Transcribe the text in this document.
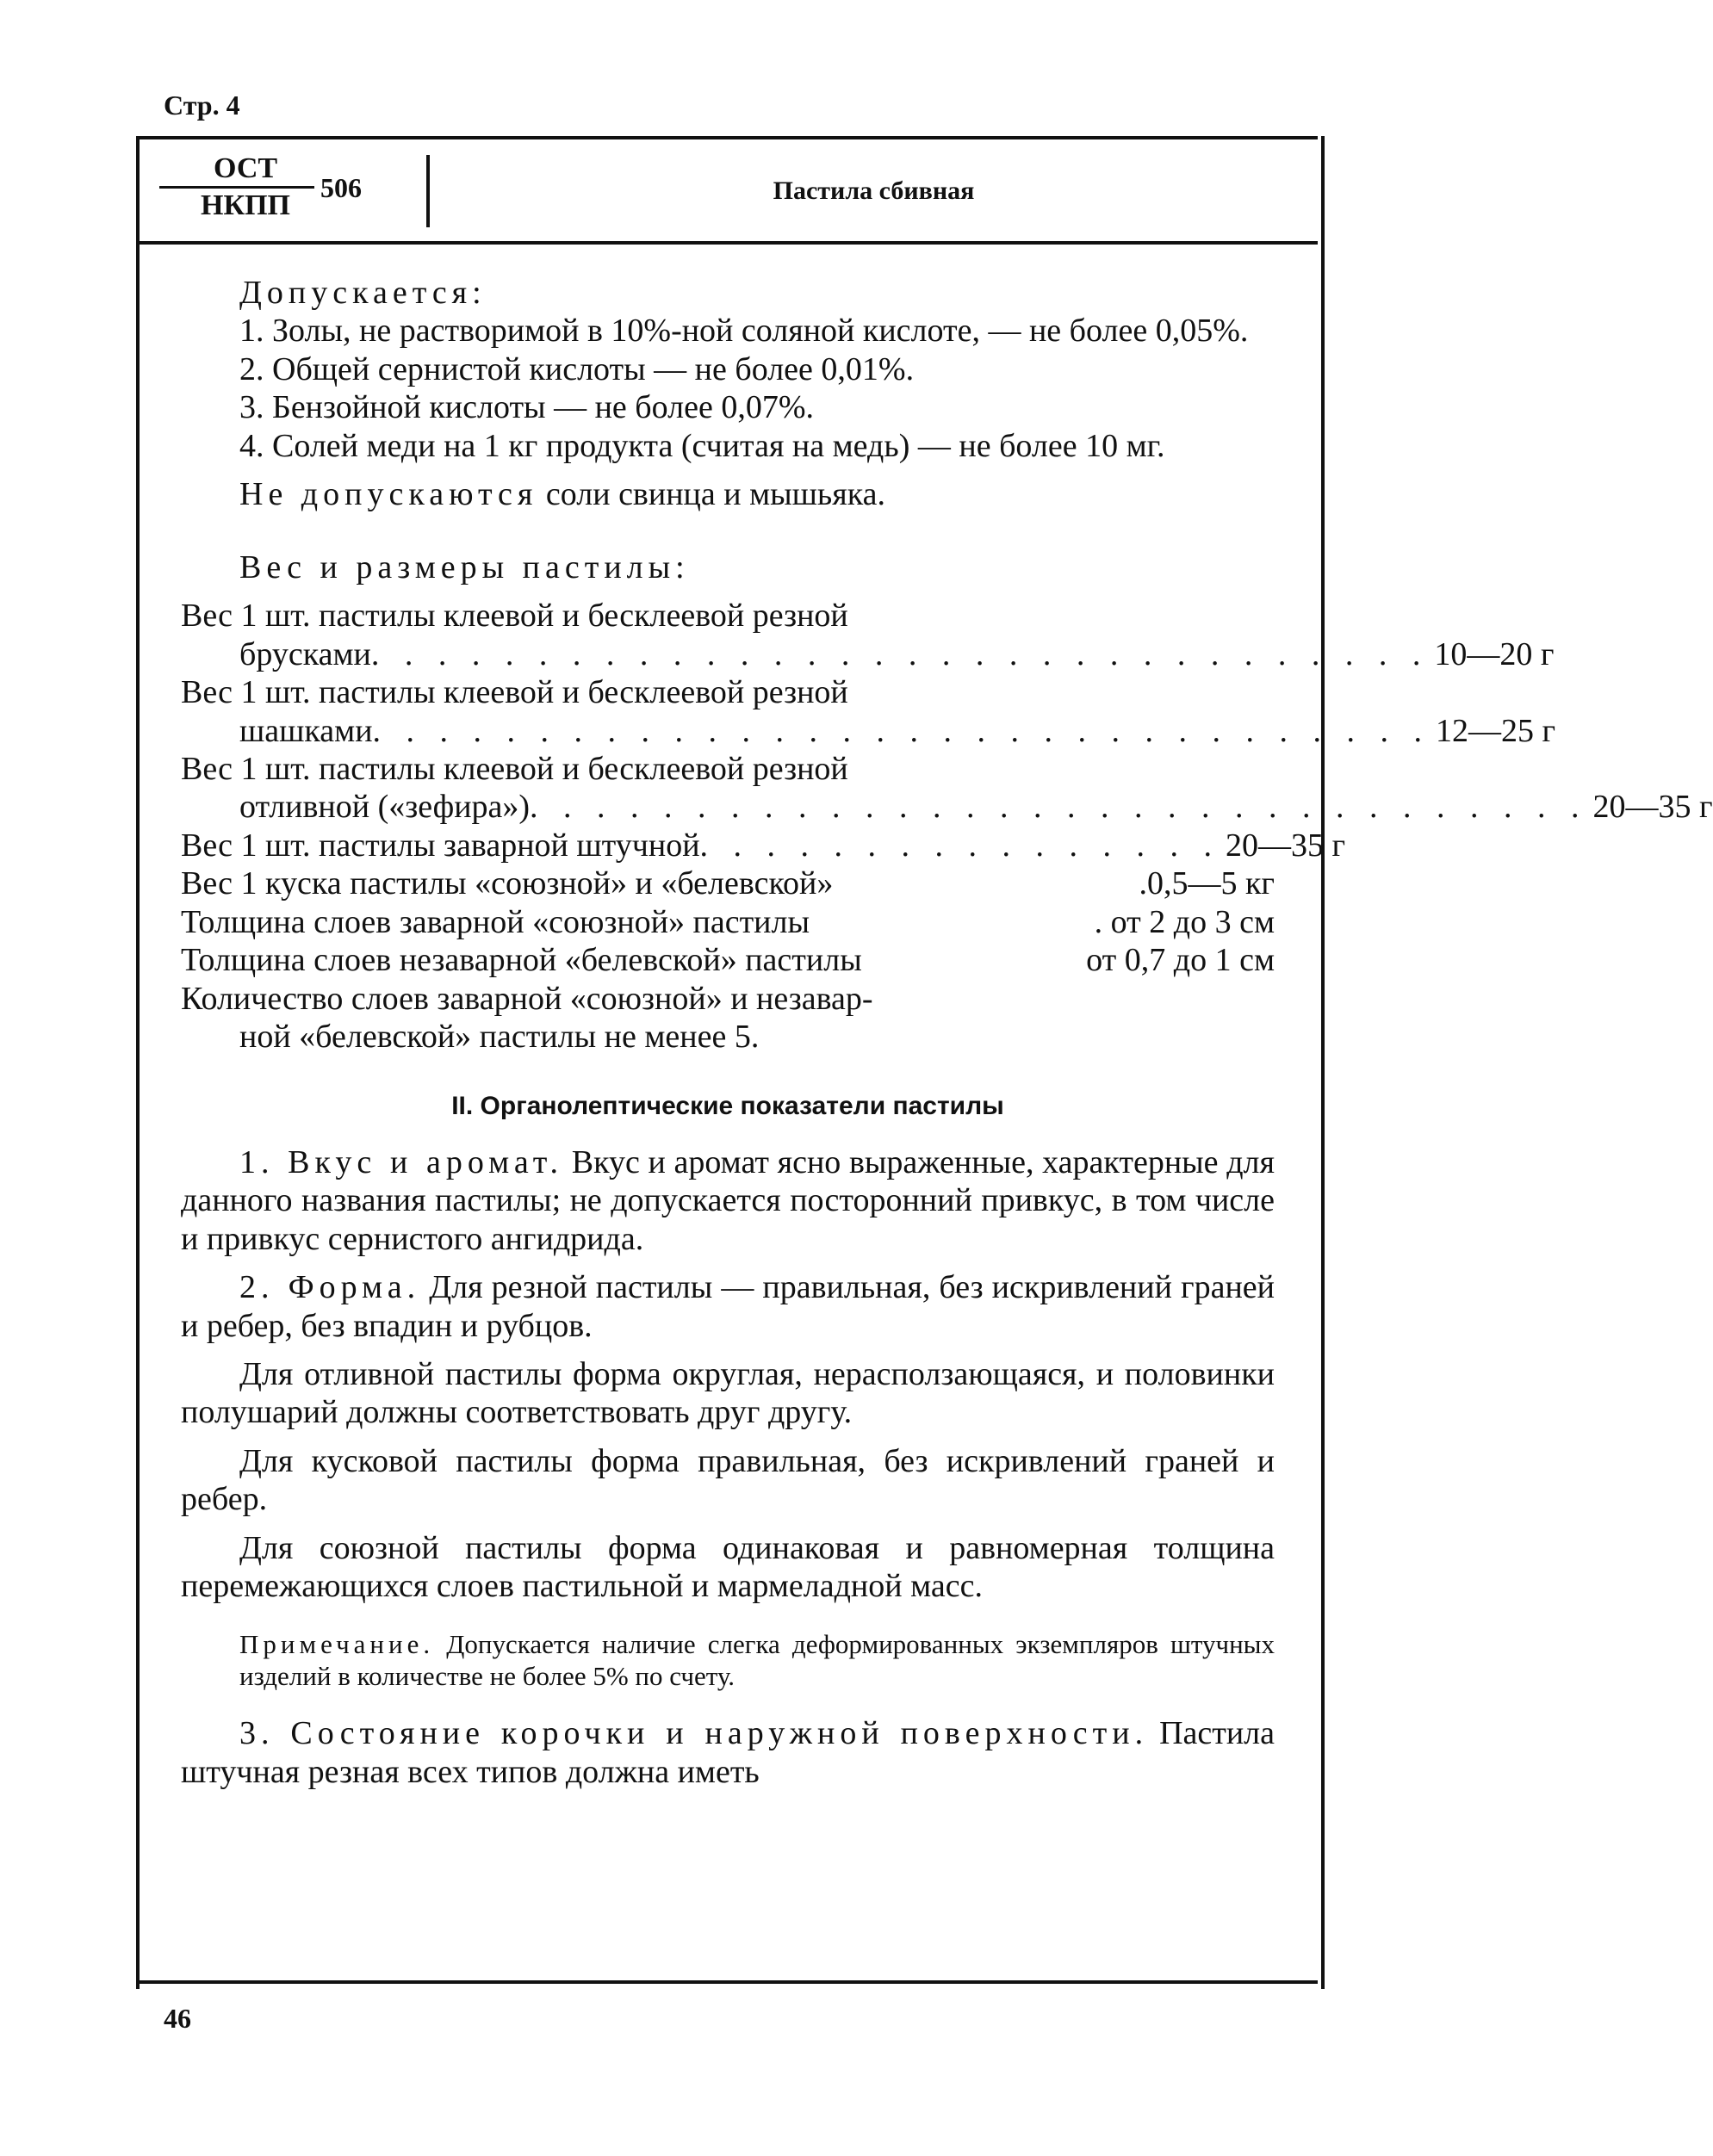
Стр. 4
ОСТ
НКПП
506	Пастила сбивная

Допускается:

1. Золы, не растворимой в 10%-ной соляной кислоте, — не более 0,05%.

2. Общей сернистой кислоты — не более 0,01%.

3. Бензойной кислоты — не более 0,07%.

4. Солей меди на 1 кг продукта (считая на медь) — не более 10 мг.

Не допускаются соли свинца и мышьяка.

Вес и размеры пастилы:

Вес 1 шт. пастилы клеевой и бесклеевой резной

брусками . . . . . . . . . . . . . . . . . . . . . . . . . . . . . . . . 10—20 г

Вес 1 шт. пастилы клеевой и бесклеевой резной

шашками . . . . . . . . . . . . . . . . . . . . . . . . . . . . . . . . 12—25 г

Вес 1 шт. пастилы клеевой и бесклеевой резной

отливной («зефира») . . . . . . . . . . . . . . . . . . . . . . . . . . . . . . . . 20—35 г
Вес 1 шт. пастилы заварной штучной . . . . . . . . . . . . . . . . 20—35 г
Вес 1 куска пастилы «союзной» и «белевской»	.0,5—5 кг
Толщина слоев заварной «союзной» пастилы	. от 2 до 3 см
Толщина слоев незаварной «белевской» пастилы	от 0,7 до 1 см

Количество слоев заварной «союзной» и незавар-

ной «белевской» пастилы не менее 5.

II. Органолептические показатели пастилы

1. Вкус и аромат. Вкус и аромат ясно выраженные, характерные для данного названия пастилы; не допускается посторонний привкус, в том числе и привкус сернистого ангидрида.

2. Форма. Для резной пастилы — правильная, без искривлений граней и ребер, без впадин и рубцов.

Для отливной пастилы форма округлая, нерасползающаяся, и половинки полушарий должны соответствовать друг другу.

Для кусковой пастилы форма правильная, без искривлений граней и ребер.

Для союзной пастилы форма одинаковая и равномерная толщина перемежающихся слоев пастильной и мармеладной масс.

Примечание. Допускается наличие слегка деформированных экземпляров штучных изделий в количестве не более 5% по счету.

3. Состояние корочки и наружной поверхности. Пастила штучная резная всех типов должна иметь

46
